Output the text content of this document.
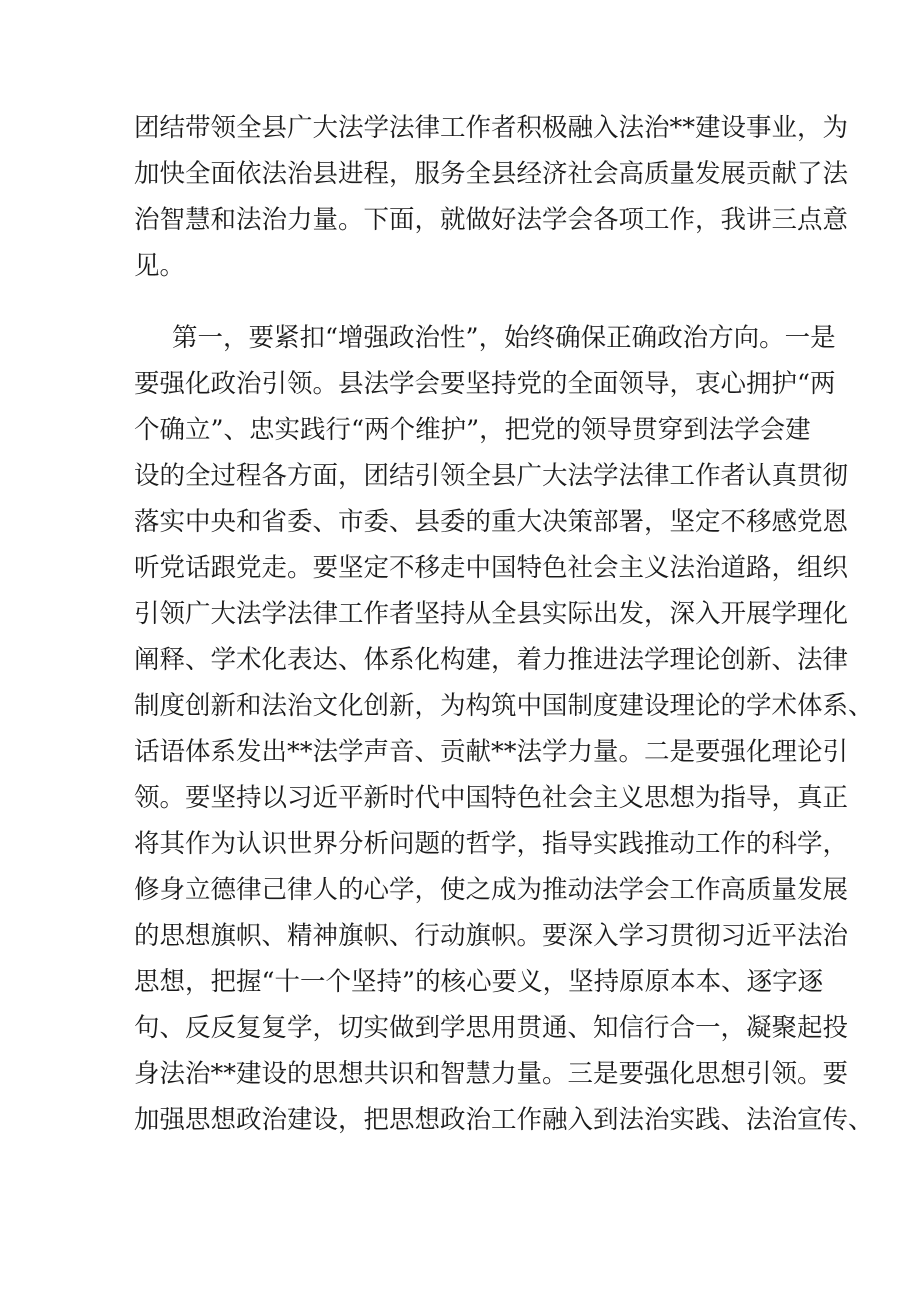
团结带领全县广大法学法律工作者积极融入法治**建设事业，为
加快全面依法治县进程，服务全县经济社会高质量发展贡献了法
治智慧和法治力量。下面，就做好法学会各项工作，我讲三点意
见。
第一，要紧扣“增强政治性”，始终确保正确政治方向。一是
要强化政治引领。县法学会要坚持党的全面领导，衷心拥护“两
个确立”、忠实践行“两个维护”，把党的领导贯穿到法学会建
设的全过程各方面，团结引领全县广大法学法律工作者认真贯彻
落实中央和省委、市委、县委的重大决策部署，坚定不移感党恩
听党话跟党走。要坚定不移走中国特色社会主义法治道路，组织
引领广大法学法律工作者坚持从全县实际出发，深入开展学理化
阐释、学术化表达、体系化构建，着力推进法学理论创新、法律
制度创新和法治文化创新，为构筑中国制度建设理论的学术体系、
话语体系发出**法学声音、贡献**法学力量。二是要强化理论引
领。要坚持以习近平新时代中国特色社会主义思想为指导，真正
将其作为认识世界分析问题的哲学，指导实践推动工作的科学，
修身立德律己律人的心学，使之成为推动法学会工作高质量发展
的思想旗帜、精神旗帜、行动旗帜。要深入学习贯彻习近平法治
思想，把握“十一个坚持”的核心要义，坚持原原本本、逐字逐
句、反反复复学，切实做到学思用贯通、知信行合一，凝聚起投
身法治**建设的思想共识和智慧力量。三是要强化思想引领。要
加强思想政治建设，把思想政治工作融入到法治实践、法治宣传、
